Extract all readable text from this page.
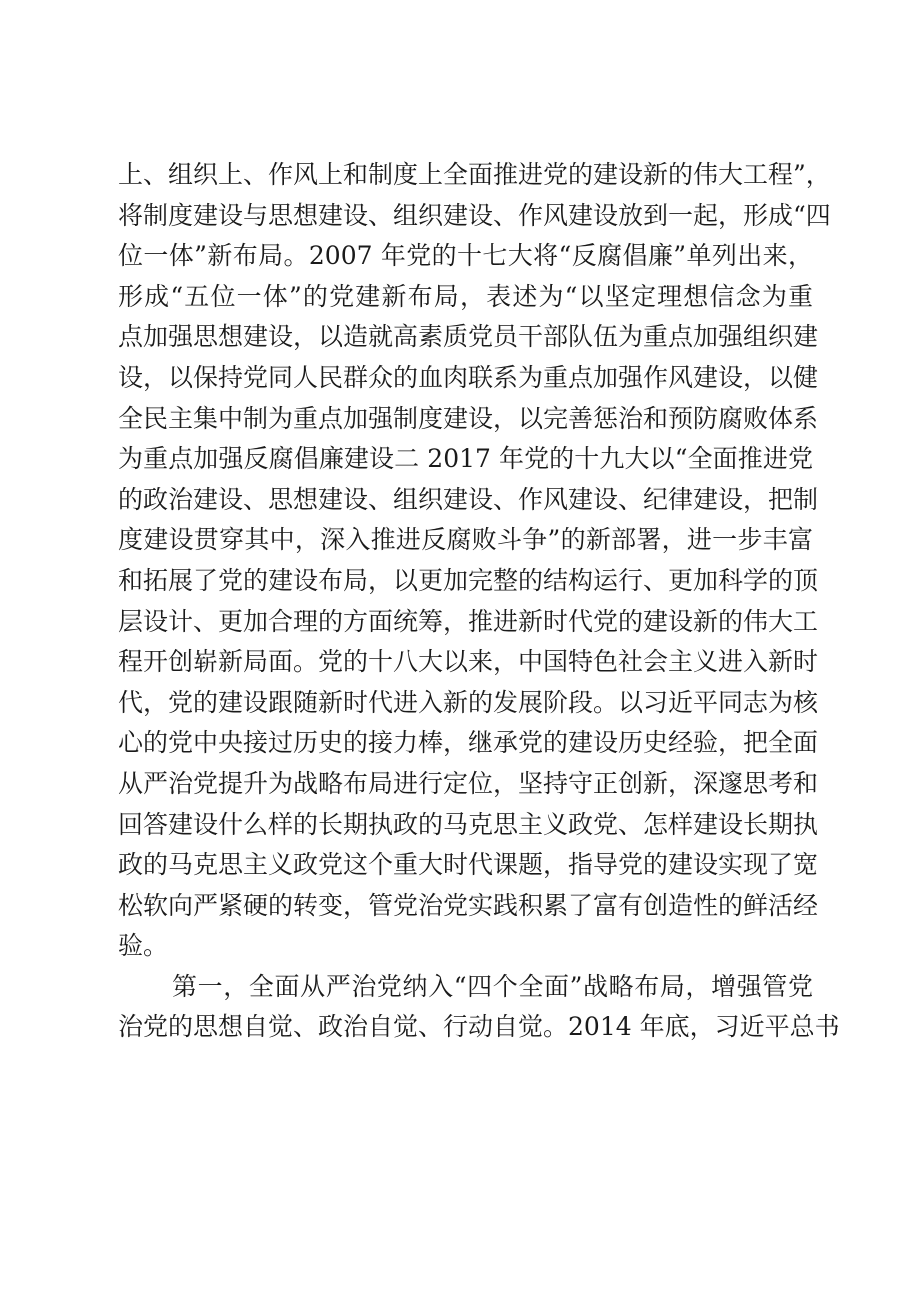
上、组织上、作风上和制度上全面推进党的建设新的伟大工程”，
将制度建设与思想建设、组织建设、作风建设放到一起，形成“四
位一体”新布局。2007 年党的十七大将“反腐倡廉”单列出来，
形成“五位一体”的党建新布局，表述为“以坚定理想信念为重
点加强思想建设，以造就高素质党员干部队伍为重点加强组织建
设，以保持党同人民群众的血肉联系为重点加强作风建设，以健
全民主集中制为重点加强制度建设，以完善惩治和预防腐败体系
为重点加强反腐倡廉建设二 2017 年党的十九大以“全面推进党
的政治建设、思想建设、组织建设、作风建设、纪律建设，把制
度建设贯穿其中，深入推进反腐败斗争”的新部署，进一步丰富
和拓展了党的建设布局，以更加完整的结构运行、更加科学的顶
层设计、更加合理的方面统筹，推进新时代党的建设新的伟大工
程开创崭新局面。党的十八大以来，中国特色社会主义进入新时
代，党的建设跟随新时代进入新的发展阶段。以习近平同志为核
心的党中央接过历史的接力棒，继承党的建设历史经验，把全面
从严治党提升为战略布局进行定位，坚持守正创新，深邃思考和
回答建设什么样的长期执政的马克思主义政党、怎样建设长期执
政的马克思主义政党这个重大时代课题，指导党的建设实现了宽
松软向严紧硬的转变，管党治党实践积累了富有创造性的鲜活经
验。
第一，全面从严治党纳入“四个全面”战略布局，增强管党
治党的思想自觉、政治自觉、行动自觉。2014 年底，习近平总书
